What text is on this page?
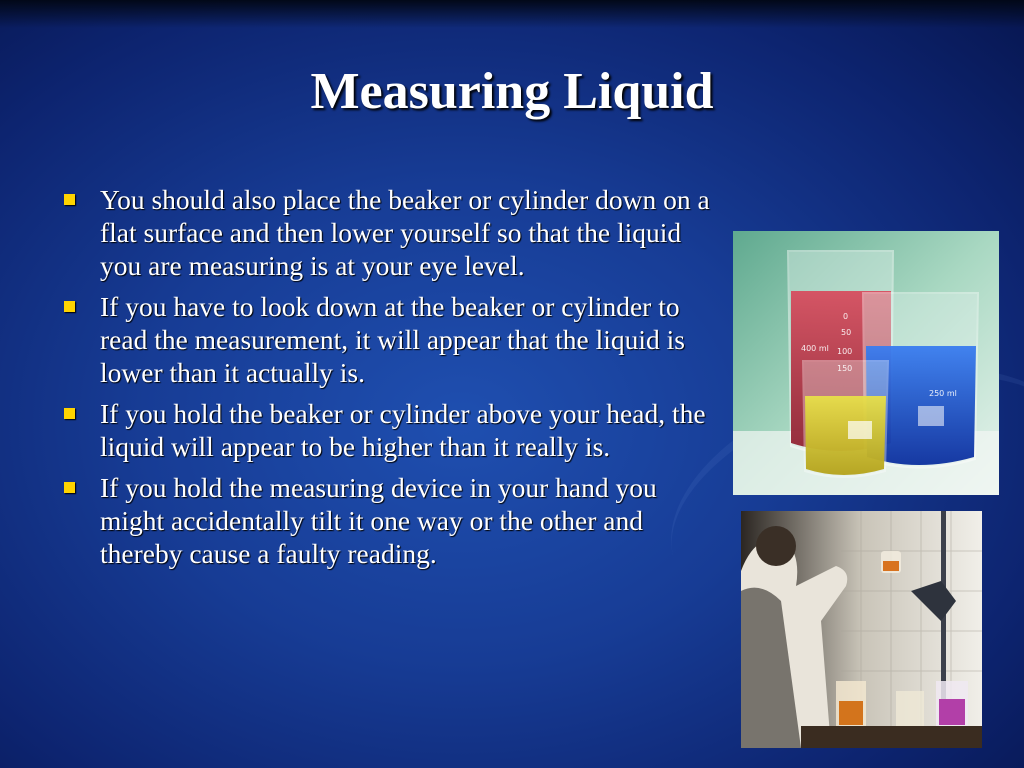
Measuring Liquid
You should also place the beaker or cylinder down on a flat surface and then lower yourself so that the liquid you are measuring is at your eye level.
If you have to look down at the beaker or cylinder to read the measurement, it will appear that the liquid is lower than it actually is.
If you hold the beaker or cylinder above your head, the liquid will appear to be higher than it really is.
If you hold the measuring device in your hand you might accidentally tilt it one way or the other and thereby cause a faulty reading.
400 ml
250 ml
150
100
50
0
